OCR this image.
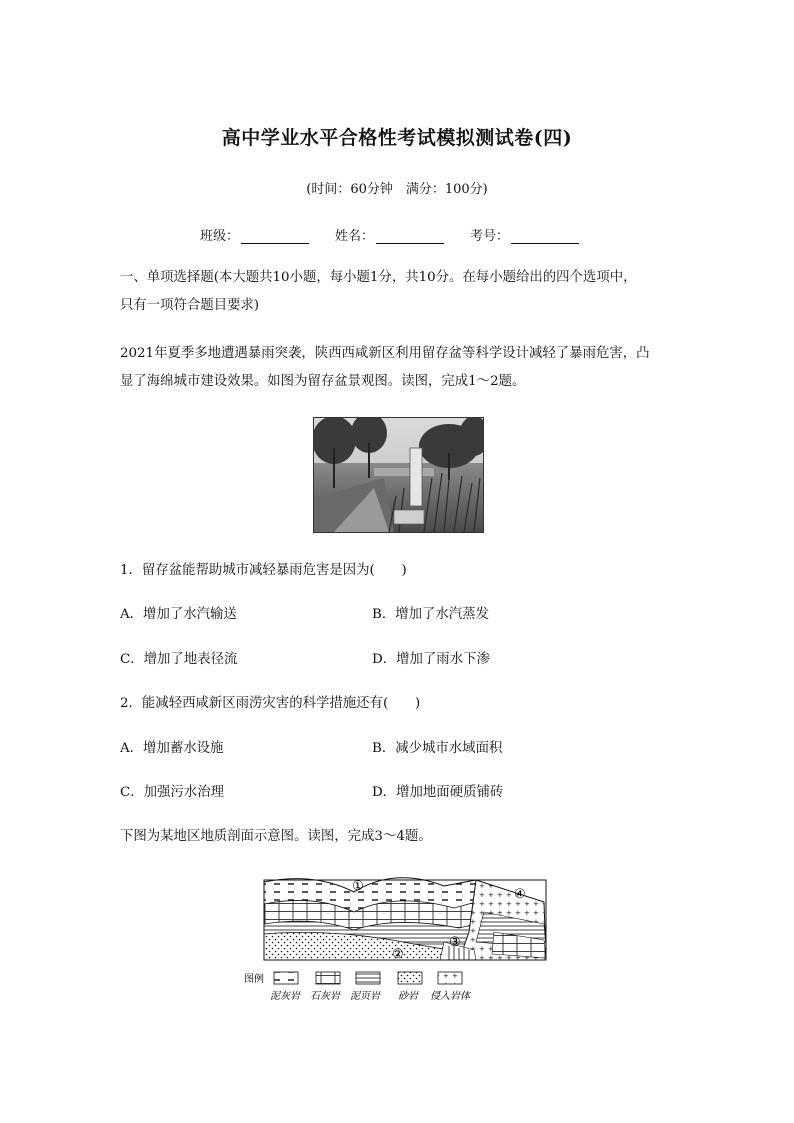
高中学业水平合格性考试模拟测试卷(四)
(时间：60分钟　满分：100分)
班级：	姓名：	考号：
一、单项选择题(本大题共10小题，每小题1分，共10分。在每小题给出的四个选项中，
只有一项符合题目要求)
2021年夏季多地遭遇暴雨突袭，陕西西咸新区利用留存盆等科学设计减轻了暴雨危害，凸
显了海绵城市建设效果。如图为留存盆景观图。读图，完成1～2题。
1．留存盆能帮助城市减轻暴雨危害是因为(　　)
A．增加了水汽输送	B．增加了水汽蒸发
C．增加了地表径流	D．增加了雨水下渗
2．能减轻西咸新区雨涝灾害的科学措施还有(　　)
A．增加蓄水设施	B．减少城市水域面积
C．加强污水治理	D．增加地面硬质铺砖
下图为某地区地质剖面示意图。读图，完成3～4题。
①
②
③
④
图例
泥灰岩 石灰岩 泥页岩 砂岩 侵入岩体
